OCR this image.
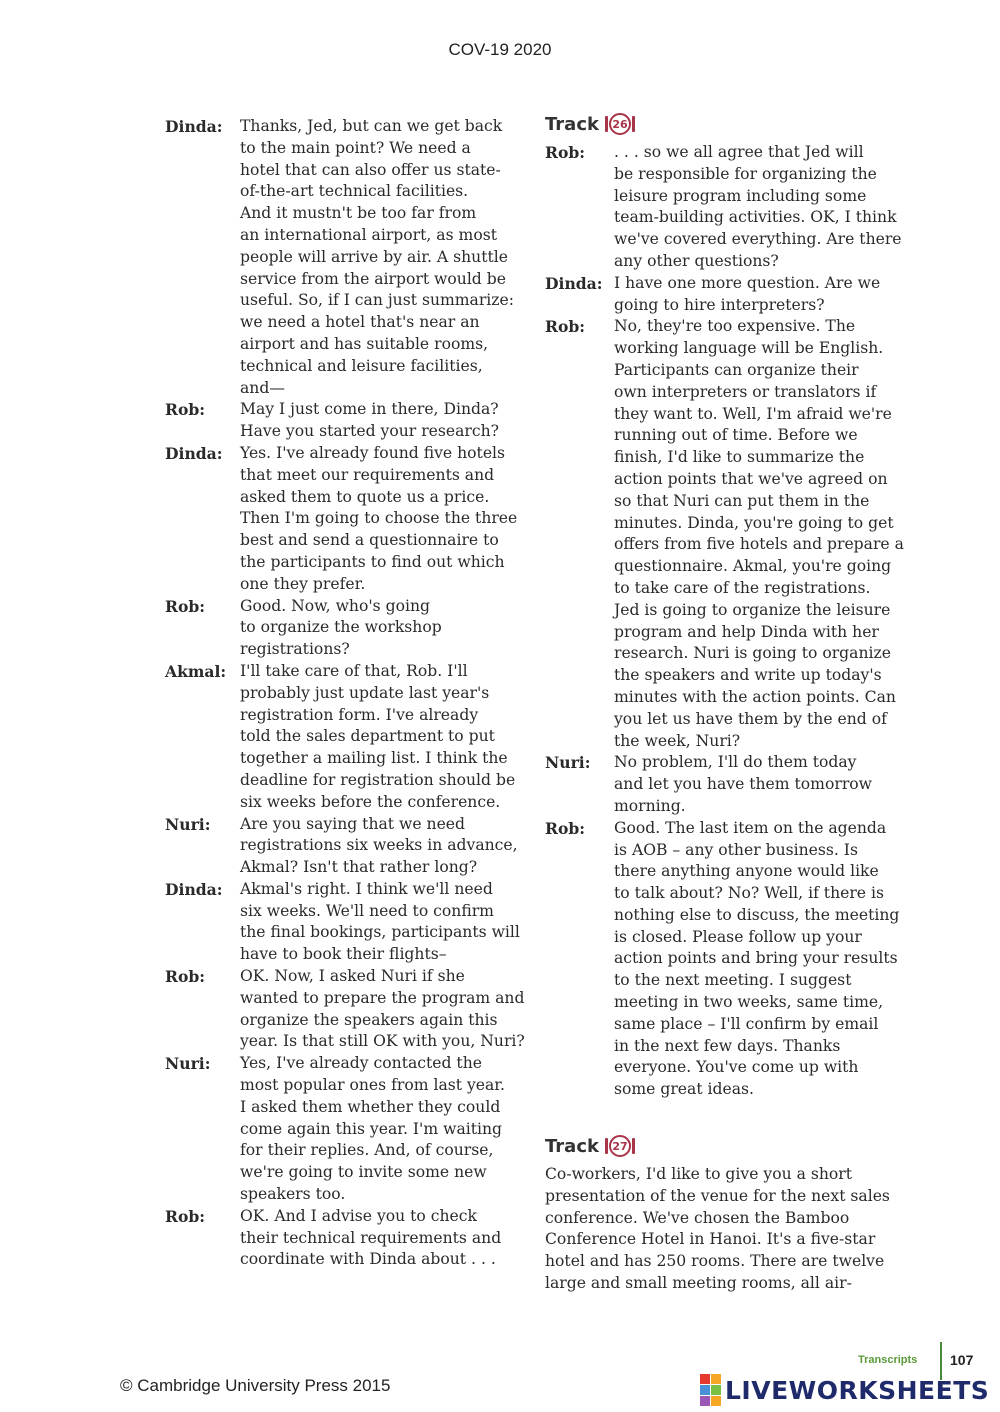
COV-19 2020
Dinda:	Thanks, Jed, but can we get back
to the main point? We need a
hotel that can also offer us state-
of-the-art technical facilities.
And it mustn't be too far from
an international airport, as most
people will arrive by air. A shuttle
service from the airport would be
useful. So, if I can just summarize:
we need a hotel that's near an
airport and has suitable rooms,
technical and leisure facilities,
and—
Rob:	May I just come in there, Dinda?
Have you started your research?
Dinda:	Yes. I've already found five hotels
that meet our requirements and
asked them to quote us a price.
Then I'm going to choose the three
best and send a questionnaire to
the participants to find out which
one they prefer.
Rob:	Good. Now, who's going
to organize the workshop
registrations?
Akmal: I'll take care of that, Rob. I'll
probably just update last year's
registration form. I've already
told the sales department to put
together a mailing list. I think the
deadline for registration should be
six weeks before the conference.
Nuri:	Are you saying that we need
registrations six weeks in advance,
Akmal? Isn't that rather long?
Dinda:	Akmal's right. I think we'll need
six weeks. We'll need to confirm
the final bookings, participants will
have to book their flights–
Rob:	OK. Now, I asked Nuri if she
wanted to prepare the program and
organize the speakers again this
year. Is that still OK with you, Nuri?
Nuri:	Yes, I've already contacted the
most popular ones from last year.
I asked them whether they could
come again this year. I'm waiting
for their replies. And, of course,
we're going to invite some new
speakers too.
Rob:	OK. And I advise you to check
their technical requirements and
coordinate with Dinda about . . .
Track	26
Rob:	. . . so we all agree that Jed will
be responsible for organizing the
leisure program including some
team-building activities. OK, I think
we've covered everything. Are there
any other questions?
Dinda: I have one more question. Are we
going to hire interpreters?
Rob:	No, they're too expensive. The
working language will be English.
Participants can organize their
own interpreters or translators if
they want to. Well, I'm afraid we're
running out of time. Before we
finish, I'd like to summarize the
action points that we've agreed on
so that Nuri can put them in the
minutes. Dinda, you're going to get
offers from five hotels and prepare a
questionnaire. Akmal, you're going
to take care of the registrations.
Jed is going to organize the leisure
program and help Dinda with her
research. Nuri is going to organize
the speakers and write up today's
minutes with the action points. Can
you let us have them by the end of
the week, Nuri?
Nuri:	No problem, I'll do them today
and let you have them tomorrow
morning.
Rob:	Good. The last item on the agenda
is AOB – any other business. Is
there anything anyone would like
to talk about? No? Well, if there is
nothing else to discuss, the meeting
is closed. Please follow up your
action points and bring your results
to the next meeting. I suggest
meeting in two weeks, same time,
same place – I'll confirm by email
in the next few days. Thanks
everyone. You've come up with
some great ideas.
Track	27
Co-workers, I'd like to give you a short
presentation of the venue for the next sales
conference. We've chosen the Bamboo
Conference Hotel in Hanoi. It's a five-star
hotel and has 250 rooms. There are twelve
large and small meeting rooms, all air-
Transcripts 107
© Cambridge University Press 2015	LIVEWORKSHEETS
